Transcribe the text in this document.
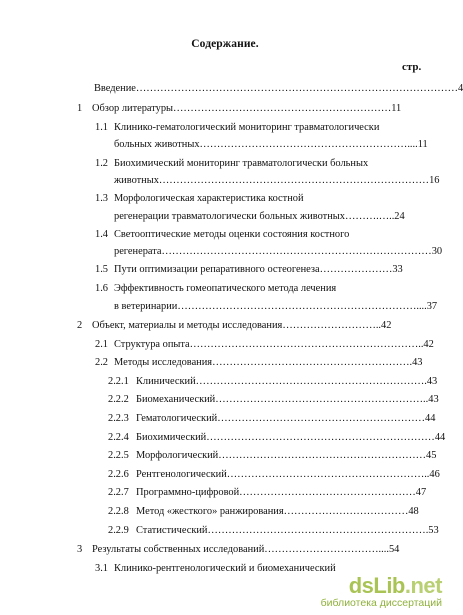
Содержание.
стр.
Введение…………………………………………………………………………………4
1 Обзор литературы………………………………………………………11
1.1 Клинико-гематологический мониторинг травматологически
больных животных……………………………………………………....11
1.2 Биохимический мониторинг травматологически больных
животных……………………………………………………………………16
1.3 Морфологическая характеристика костной
регенерации травматологически больных животных……….…..24
1.4 Светооптические методы оценки состояния костного
регенерата……………………………………………………………………30
1.5 Пути оптимизации репаративного остеогенеза…………………33
1.6 Эффективность гомеопатического метода лечения
в ветеринарии……………………………………………………………....37
2 Объект, материалы и методы исследования………………………..42
2.1 Структура опыта…………………………………………………………..42
2.2 Методы исследования………………………………………………….43
2.2.1 Клинический………………………………………………………….43
2.2.2 Биомеханический……………………………………………………..43
2.2.3 Гематологический……………………………………………………44
2.2.4 Биохимический…………………………………………………………44
2.2.5 Морфологический……………………………………………………45
2.2.6 Рентгенологический…………………………………………………..46
2.2.7 Программно-цифровой……………………………………………47
2.2.8 Метод «жесткого» ранжирования………………………………48
2.2.9 Статистический……………………………………………………….53
3 Результаты собственных исследований……………………………....54
3.1 Клинико-рентгенологический и биомеханический
dsLib.net
библиотека диссертаций
